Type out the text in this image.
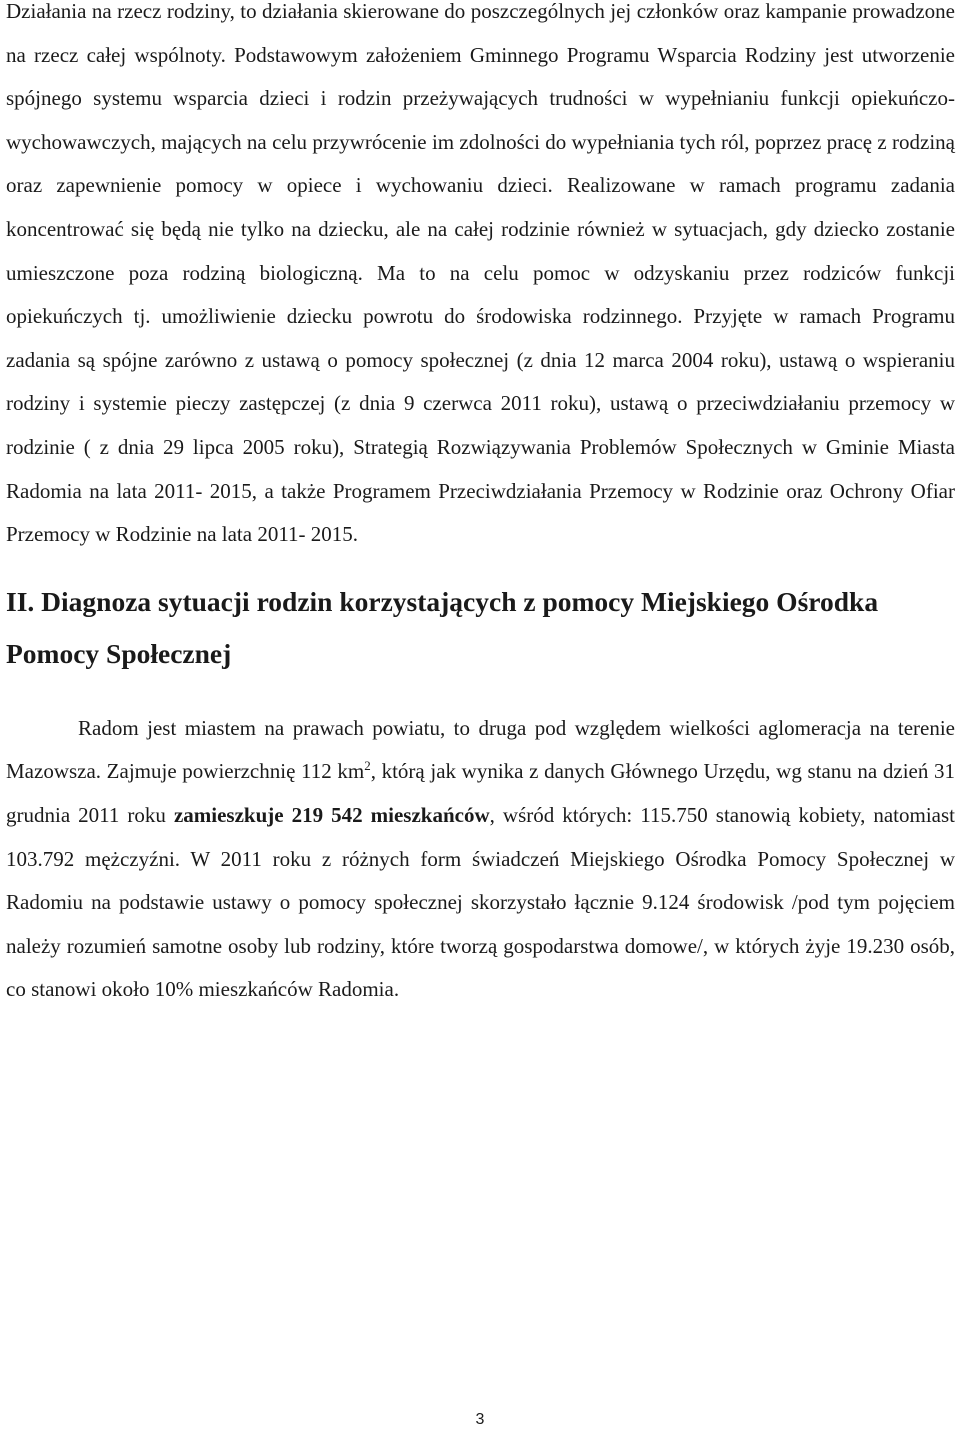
Działania na rzecz rodziny, to działania skierowane do poszczególnych jej członków oraz kampanie prowadzone na rzecz całej wspólnoty. Podstawowym założeniem Gminnego Programu Wsparcia Rodziny jest utworzenie spójnego systemu wsparcia dzieci i rodzin przeżywających trudności w wypełnianiu funkcji opiekuńczo- wychowawczych, mających na celu przywrócenie im zdolności do wypełniania tych ról, poprzez pracę z rodziną oraz zapewnienie pomocy w opiece i wychowaniu dzieci. Realizowane w ramach programu zadania koncentrować się będą nie tylko na dziecku, ale na całej rodzinie również w sytuacjach, gdy dziecko zostanie umieszczone poza rodziną biologiczną. Ma to na celu pomoc w odzyskaniu przez rodziców funkcji opiekuńczych tj. umożliwienie dziecku powrotu do środowiska rodzinnego. Przyjęte w ramach Programu zadania są spójne zarówno z ustawą o pomocy społecznej (z dnia 12 marca 2004 roku), ustawą o wspieraniu rodziny i systemie pieczy zastępczej (z dnia 9 czerwca 2011 roku), ustawą o przeciwdziałaniu przemocy w rodzinie ( z dnia 29 lipca 2005 roku), Strategią Rozwiązywania Problemów Społecznych w Gminie Miasta Radomia na lata 2011- 2015, a także Programem Przeciwdziałania Przemocy w Rodzinie oraz Ochrony Ofiar Przemocy w Rodzinie na lata 2011- 2015.

II. Diagnoza sytuacji rodzin korzystających z pomocy Miejskiego Ośrodka Pomocy Społecznej

Radom jest miastem na prawach powiatu, to druga pod względem wielkości aglomeracja na terenie Mazowsza. Zajmuje powierzchnię 112 $km^2$, którą jak wynika z danych Głównego Urzędu, wg stanu na dzień 31 grudnia 2011 roku zamieszkuje 219 542 mieszkańców, wśród których: 115.750 stanowią kobiety, natomiast 103.792 mężczyźni. W 2011 roku z różnych form świadczeń Miejskiego Ośrodka Pomocy Społecznej w Radomiu na podstawie ustawy o pomocy społecznej skorzystało łącznie 9.124 środowisk /pod tym pojęciem należy rozumień samotne osoby lub rodziny, które tworzą gospodarstwa domowe/, w których żyje 19.230 osób, co stanowi około 10% mieszkańców Radomia.

3
